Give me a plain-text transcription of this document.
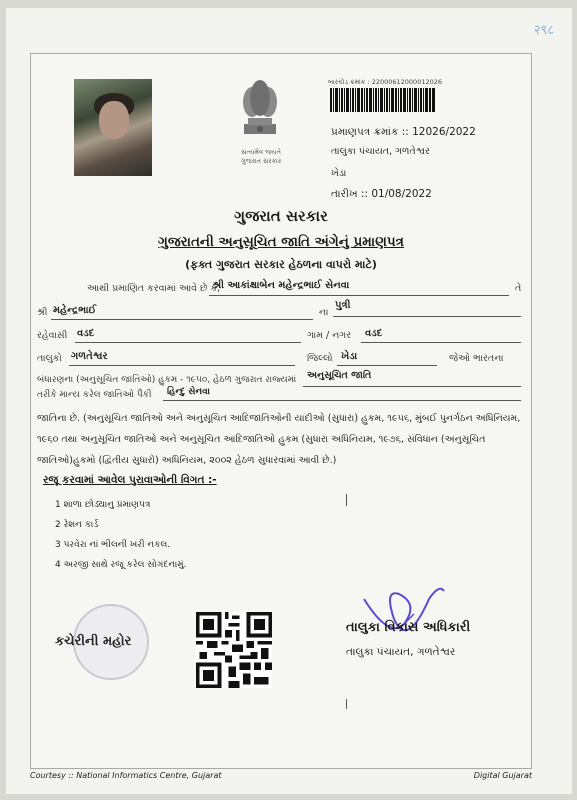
२९८
સત્યમેવ જયતે
ગુજરાત સરકાર
બારકોડ ક્રમાંક : 22000612000012026
પ્રમાણપત્ર ક્રમાંક :: 12026/2022
તાલુકા પંચાયત, ગળતેશ્વર
ખેડા
તારીખ :: 01/08/2022
ગુજરાત સરકાર
ગુજરાતની અનુસૂચિત જાતિ અંગેનું પ્રમાણપત્ર
(ફક્ત ગુજરાત સરકાર હેઠળના વાપરો માટે)
આથી પ્રમાણિત કરવામાં આવે છે કે,
શ્રી આકાંક્ષાબેન મહેન્દ્રભાઈ સેનવા	તે
શ્રી મહેન્દ્રભાઈ	ના
પુત્રી
રહેવાસી વડદ	ગામ / નગર વડદ
તાલુકો ગળતેશ્વર	જિલ્લો ખેડા	જેઓ ભારતના
બંધારણના (અનુસૂચિત જાતિઓ) હુકમ - ૧૯૫૦, હેઠળ ગુજરાત રાજ્યમાં અનુસૂચિત જાતિ
તરીકે માન્ય કરેલ જાતિઓ પૈકી હિન્દુ સેનવા
જાતિના છે. (અનુસૂચિત જાતિઓ અને અનુસૂચિત આદિજાતિઓની યાદીઓ (સુધારા) હુકમ, ૧૯૫૬, મુંબઈ પુનર્ગઠન અધિનિયમ, ૧૯૬૦ તથા અનુસૂચિત જાતિઓ અને અનુસૂચિત આદિજાતિઓ હુકમ (સુધારા અધિનિયમ, ૧૯૭૬, સંવિધાન (અનુસૂચિત જાતિઓ)હુકમો (દ્વિતીય સુધારો) અધિનિયમ, ૨૦૦૨ હેઠળ સુધારવામાં આવી છે.)
રજૂ કરવામાં આવેલ પુરાવાઓની વિગત :-
1 શાળા છોડ્યાનુ પ્રમાણપત્ર
2 રેશન કાર્ડ
3 પરવેરા નાં ભીલની ખરી નકલ.
4 અરજી સાથે રજૂ કરેલ સોગંદનામું.
કચેરીની મહોર
તાલુકા વિકાસ અધિકારી
તાલુકા પંચાયત, ગળતેશ્વર
Courtesy :: National Informatics Centre, Gujarat	Digital Gujarat
